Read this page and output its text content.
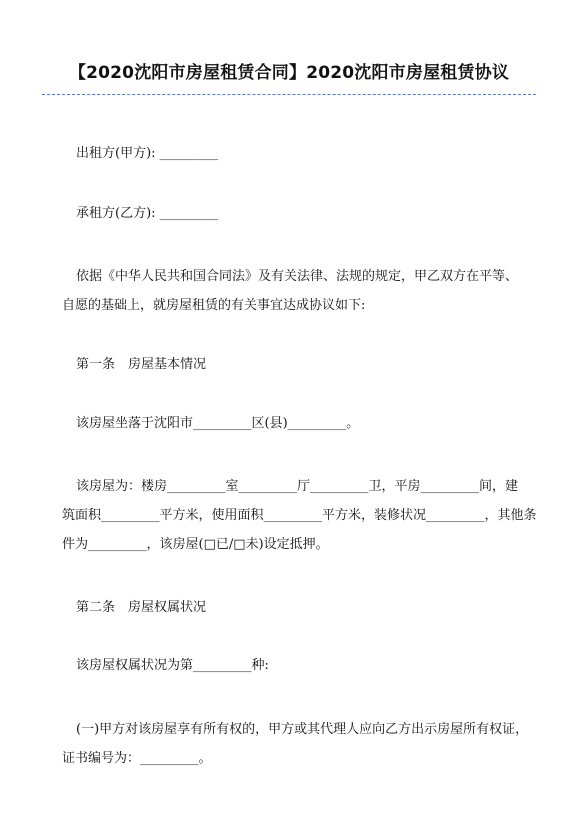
【2020沈阳市房屋租赁合同】2020沈阳市房屋租赁协议
出租方(甲方): _________
承租方(乙方): _________
依据《中华人民共和国合同法》及有关法律、法规的规定，甲乙双方在平等、
自愿的基础上，就房屋租赁的有关事宜达成协议如下:
第一条　房屋基本情况
该房屋坐落于沈阳市_________区(县)_________。
该房屋为：楼房_________室_________厅_________卫，平房_________间，建
筑面积_________平方米，使用面积_________平方米，装修状况_________，其他条
件为_________，该房屋(□已/□未)设定抵押。
第二条　房屋权属状况
该房屋权属状况为第_________种:
(一)甲方对该房屋享有所有权的，甲方或其代理人应向乙方出示房屋所有权证，
证书编号为：_________。
